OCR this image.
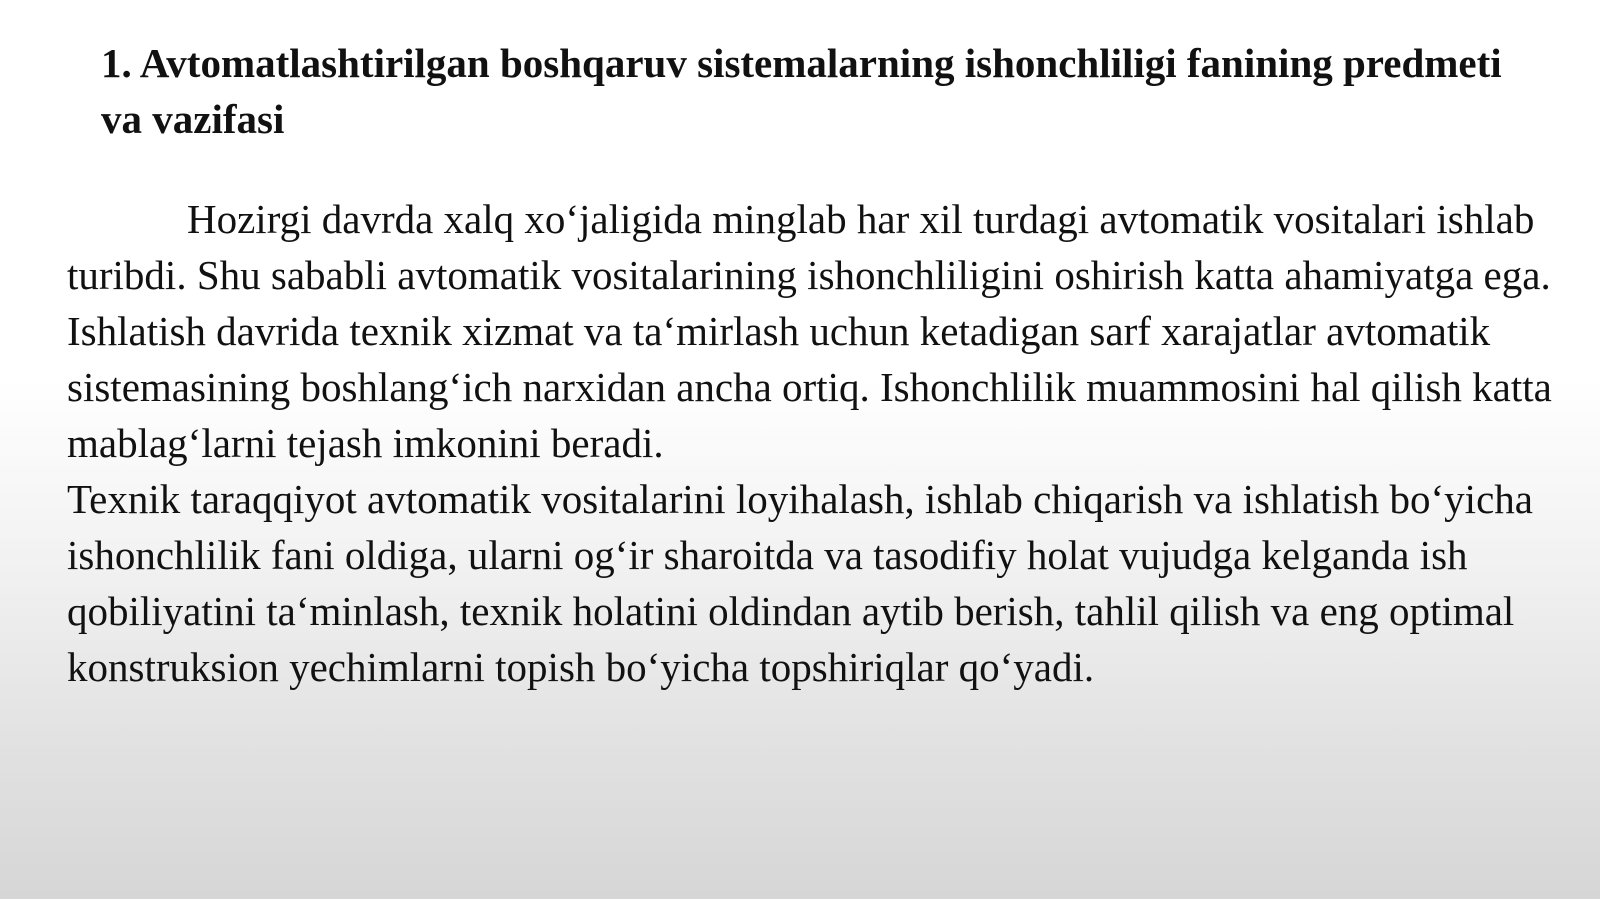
1. Avtomatlashtirilgan boshqaruv sistemalarning ishonchliligi fanining predmeti va vazifasi

Hozirgi davrda xalq xo‘jaligida minglab har xil turdagi avtomatik vositalari ishlab turibdi. Shu sababli avtomatik vositalarining ishonchliligini oshirish katta ahamiyatga ega. Ishlatish davrida texnik xizmat va ta‘mirlash uchun ketadigan sarf xarajatlar avtomatik sistemasining boshlang‘ich narxidan ancha ortiq. Ishonchlilik muammosini hal qilish katta mablag‘larni tejash imkonini beradi.

Texnik taraqqiyot avtomatik vositalarini loyihalash, ishlab chiqarish va ishlatish bo‘yicha ishonchlilik fani oldiga, ularni og‘ir sharoitda va tasodifiy holat vujudga kelganda ish qobiliyatini ta‘minlash, texnik holatini oldindan aytib berish, tahlil qilish va eng optimal konstruksion yechimlarni topish bo‘yicha topshiriqlar qo‘yadi.
